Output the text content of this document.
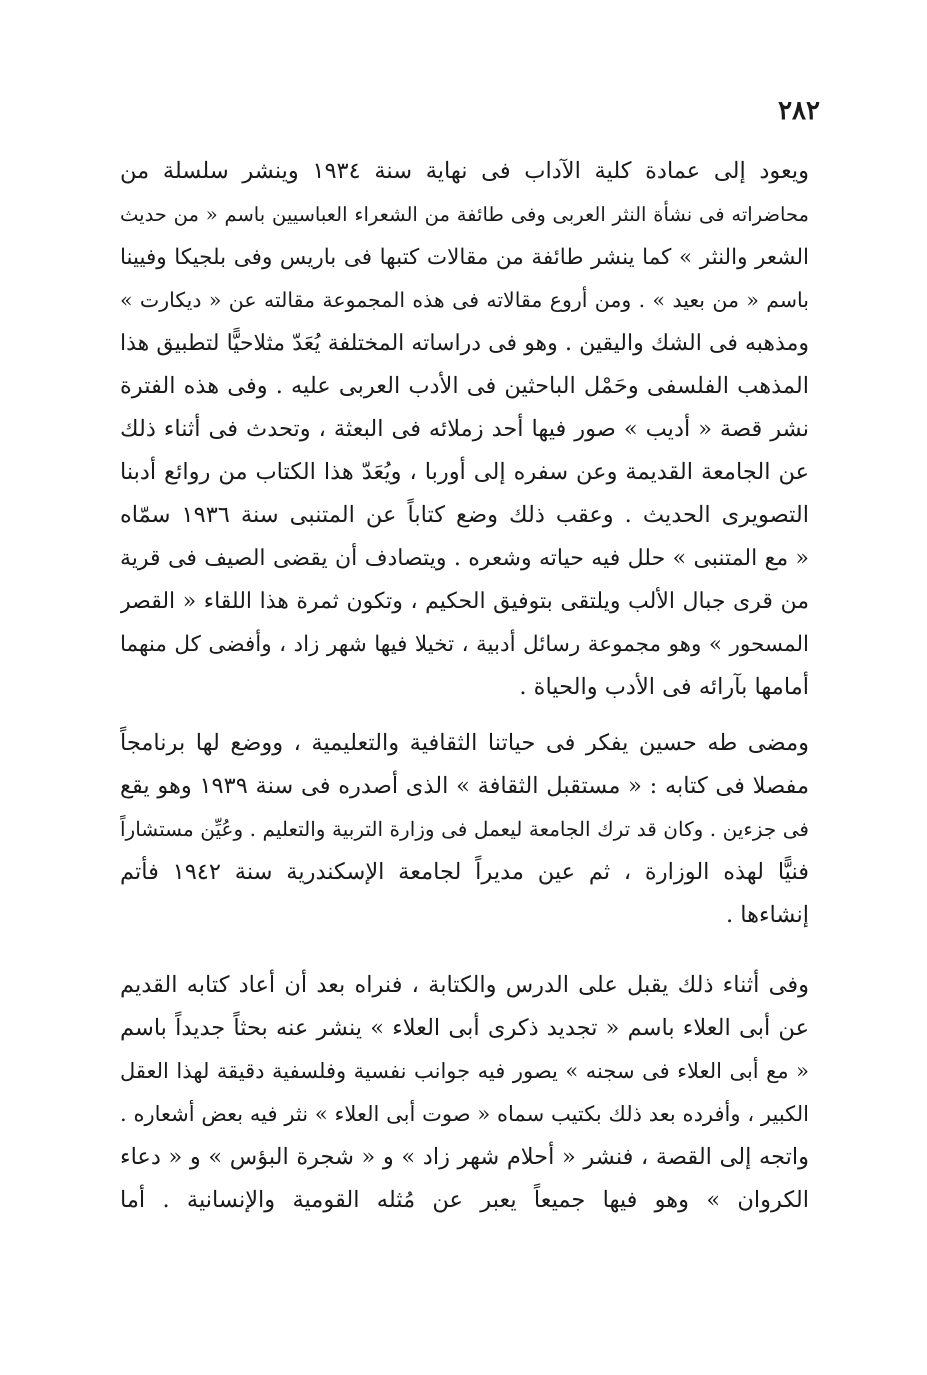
٢٨٢
ويعود إلى عمادة كلية الآداب فى نهاية سنة ١٩٣٤ وينشر سلسلة من
محاضراته فى نشأة النثر العربى وفى طائفة من الشعراء العباسيين باسم « من حديث
الشعر والنثر » كما ينشر طائفة من مقالات كتبها فى باريس وفى بلجيكا وفيينا
باسم « من بعيد » . ومن أروع مقالاته فى هذه المجموعة مقالته عن « ديكارت »
ومذهبه فى الشك واليقين . وهو فى دراساته المختلفة يُعَدّ مثلاحيًّا لتطبيق هذا
المذهب الفلسفى وحَمْل الباحثين فى الأدب العربى عليه . وفى هذه الفترة
نشر قصة « أديب » صور فيها أحد زملائه فى البعثة ، وتحدث فى أثناء ذلك
عن الجامعة القديمة وعن سفره إلى أوربا ، ويُعَدّ هذا الكتاب من روائع أدبنا
التصويرى الحديث . وعقب ذلك وضع كتاباً عن المتنبى سنة ١٩٣٦ سمّاه
« مع المتنبى » حلل فيه حياته وشعره . ويتصادف أن يقضى الصيف فى قرية
من قرى جبال الألب ويلتقى بتوفيق الحكيم ، وتكون ثمرة هذا اللقاء « القصر
المسحور » وهو مجموعة رسائل أدبية ، تخيلا فيها شهر زاد ، وأفضى كل منهما
أمامها بآرائه فى الأدب والحياة .
ومضى طه حسين يفكر فى حياتنا الثقافية والتعليمية ، ووضع لها برنامجاً
مفصلا فى كتابه : « مستقبل الثقافة » الذى أصدره فى سنة ١٩٣٩ وهو يقع
فى جزءين . وكان قد ترك الجامعة ليعمل فى وزارة التربية والتعليم . وعُيِّن مستشاراً
فنيًّا لهذه الوزارة ، ثم عين مديراً لجامعة الإسكندرية سنة ١٩٤٢ فأتم
إنشاءها .
وفى أثناء ذلك يقبل على الدرس والكتابة ، فنراه بعد أن أعاد كتابه القديم
عن أبى العلاء باسم « تجديد ذكرى أبى العلاء » ينشر عنه بحثاً جديداً باسم
« مع أبى العلاء فى سجنه » يصور فيه جوانب نفسية وفلسفية دقيقة لهذا العقل
الكبير ، وأفرده بعد ذلك بكتيب سماه « صوت أبى العلاء » نثر فيه بعض أشعاره .
واتجه إلى القصة ، فنشر « أحلام شهر زاد » و « شجرة البؤس » و « دعاء
الكروان » وهو فيها جميعاً يعبر عن مُثله القومية والإنسانية . أما
